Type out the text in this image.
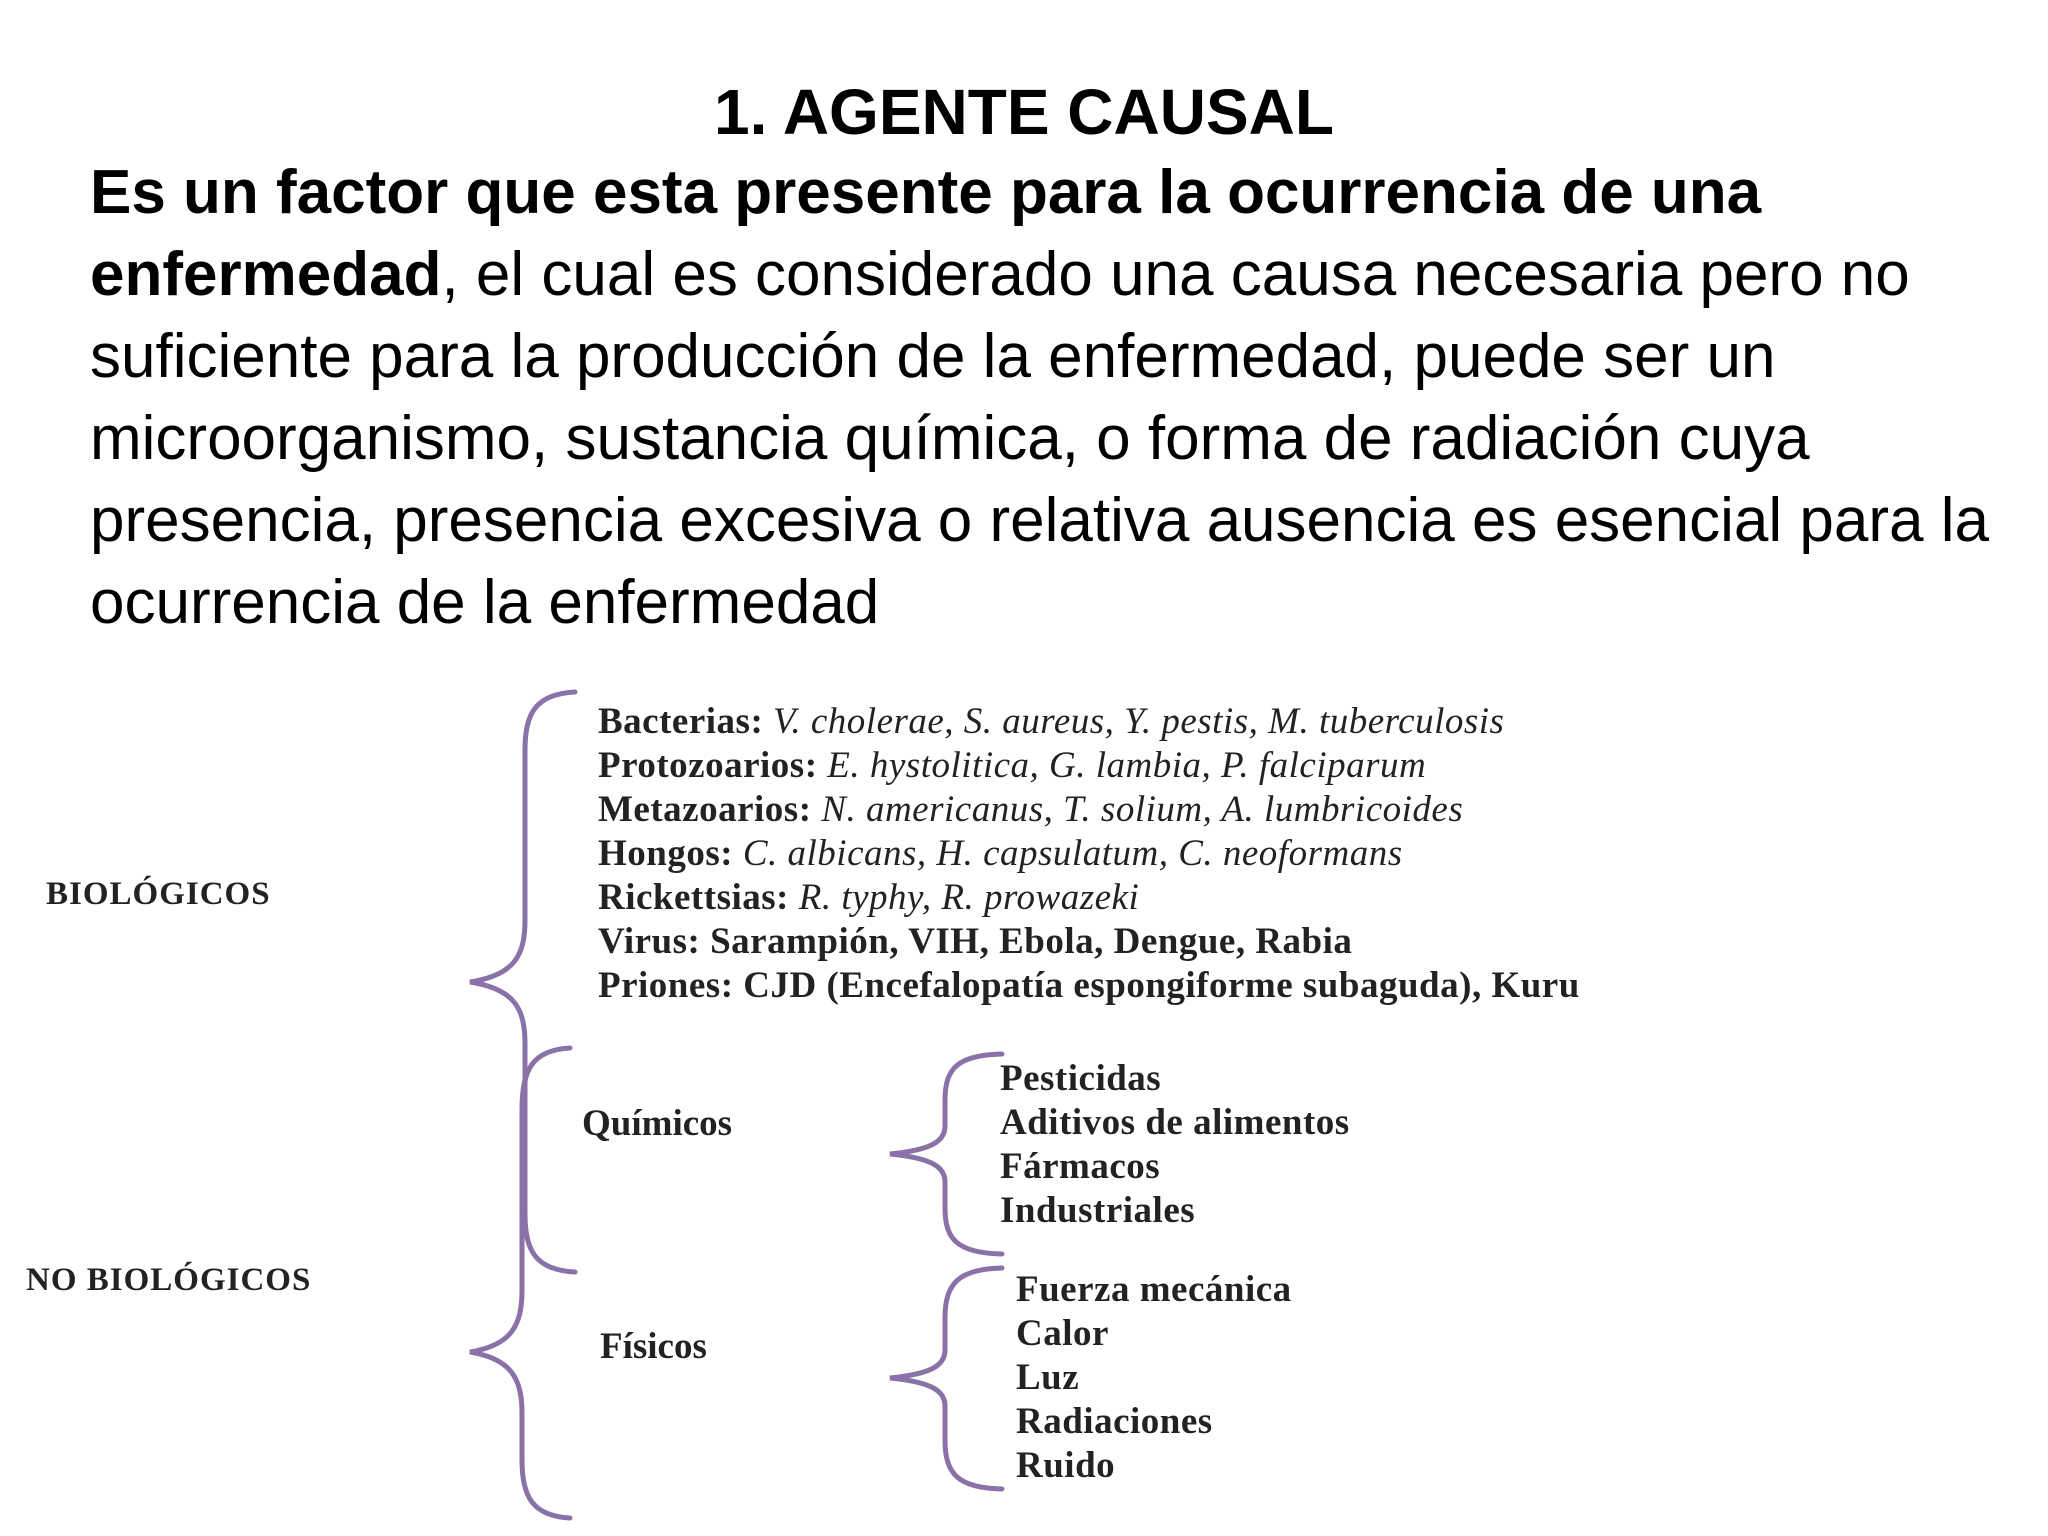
1. AGENTE CAUSAL
Es un factor que esta presente para la ocurrencia de una enfermedad, el cual es considerado una causa necesaria pero no suficiente para la producción de la enfermedad, puede ser un microorganismo, sustancia química, o forma de radiación cuya presencia, presencia excesiva o relativa ausencia es esencial para la ocurrencia de la enfermedad
BIOLÓGICOS
Bacterias: V. cholerae, S. aureus, Y. pestis, M. tuberculosis
Protozoarios: E. hystolitica, G. lambia, P. falciparum
Metazoarios: N. americanus, T. solium, A. lumbricoides
Hongos: C. albicans, H. capsulatum, C. neoformans
Rickettsias: R. typhy, R. prowazeki
Virus: Sarampión, VIH, Ebola, Dengue, Rabia
Priones: CJD (Encefalopatía espongiforme subaguda), Kuru
NO BIOLÓGICOS
Químicos
Pesticidas
Aditivos de alimentos
Fármacos
Industriales
Físicos
Fuerza mecánica
Calor
Luz
Radiaciones
Ruido
